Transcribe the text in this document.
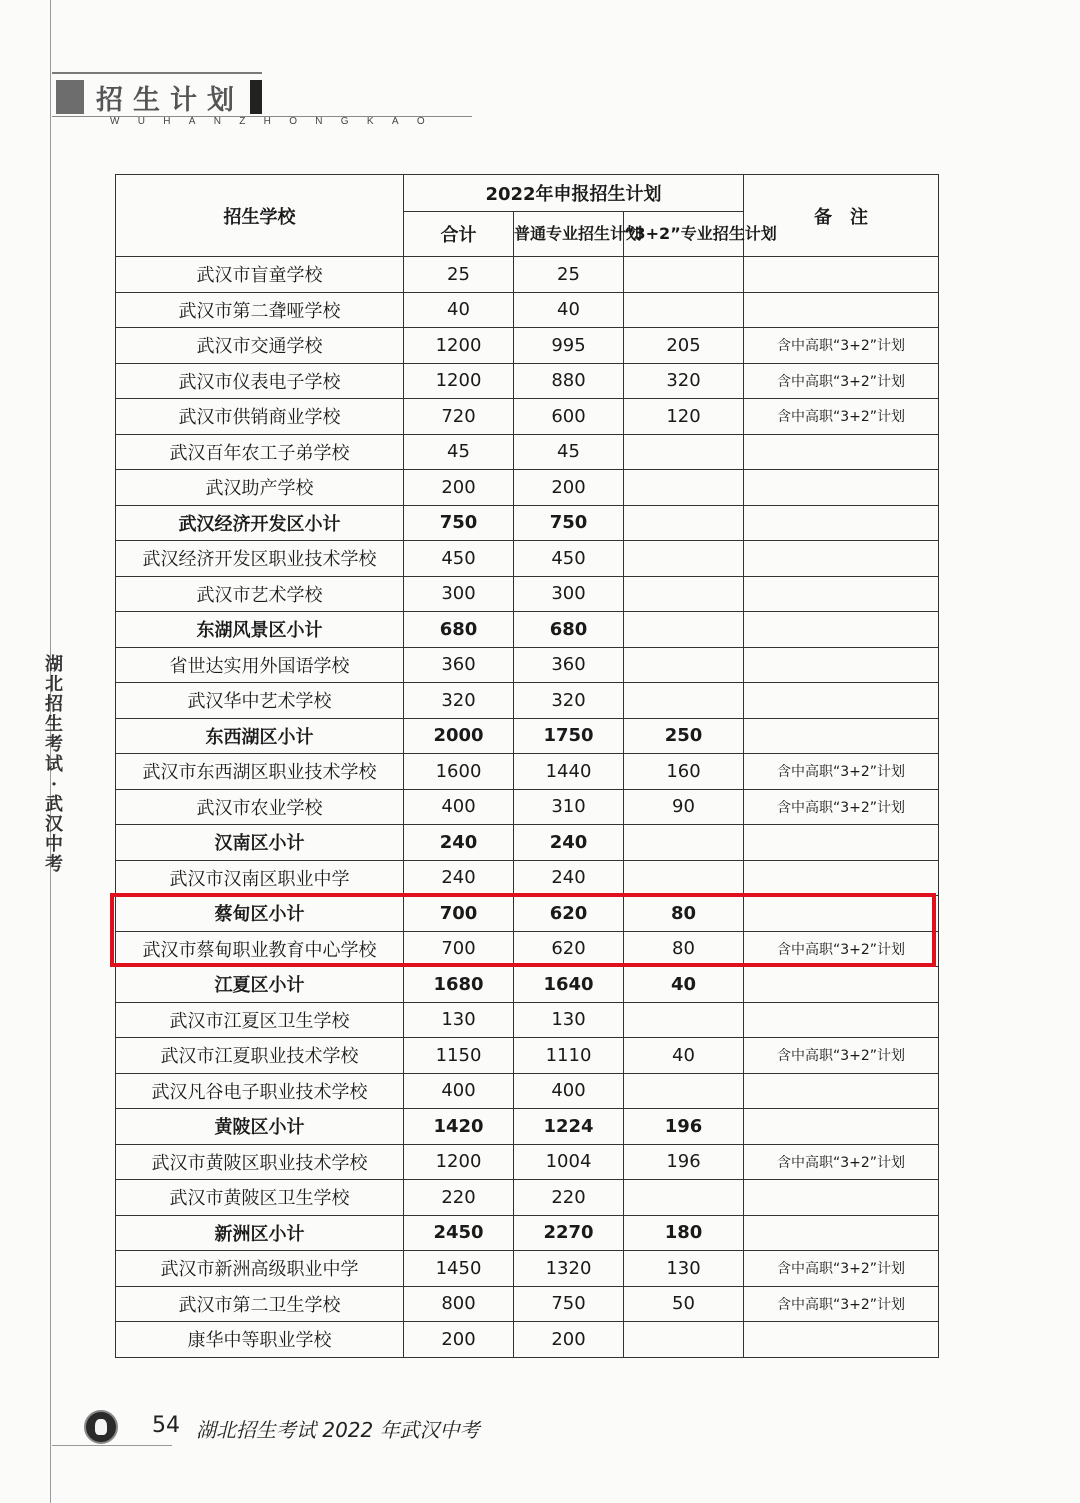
招生计划
WUHANZHONGKAO
湖北招生考试·武汉中考
招生学校	2022年申报招生计划			备　注
	合计	普通专业招生计划	“3+2”专业招生计划	
武汉市盲童学校	25	25		
武汉市第二聋哑学校	40	40		
武汉市交通学校	1200	995	205	含中高职“3+2”计划
武汉市仪表电子学校	1200	880	320	含中高职“3+2”计划
武汉市供销商业学校	720	600	120	含中高职“3+2”计划
武汉百年农工子弟学校	45	45		
武汉助产学校	200	200		
武汉经济开发区小计	750	750		
武汉经济开发区职业技术学校	450	450		
武汉市艺术学校	300	300		
东湖风景区小计	680	680		
省世达实用外国语学校	360	360		
武汉华中艺术学校	320	320		
东西湖区小计	2000	1750	250	
武汉市东西湖区职业技术学校	1600	1440	160	含中高职“3+2”计划
武汉市农业学校	400	310	90	含中高职“3+2”计划
汉南区小计	240	240		
武汉市汉南区职业中学	240	240		
蔡甸区小计	700	620	80	
武汉市蔡甸职业教育中心学校	700	620	80	含中高职“3+2”计划
江夏区小计	1680	1640	40	
武汉市江夏区卫生学校	130	130		
武汉市江夏职业技术学校	1150	1110	40	含中高职“3+2”计划
武汉凡谷电子职业技术学校	400	400		
黄陂区小计	1420	1224	196	
武汉市黄陂区职业技术学校	1200	1004	196	含中高职“3+2”计划
武汉市黄陂区卫生学校	220	220		
新洲区小计	2450	2270	180	
武汉市新洲高级职业中学	1450	1320	130	含中高职“3+2”计划
武汉市第二卫生学校	800	750	50	含中高职“3+2”计划
康华中等职业学校	200	200		
54 湖北招生考试 2022 年武汉中考
